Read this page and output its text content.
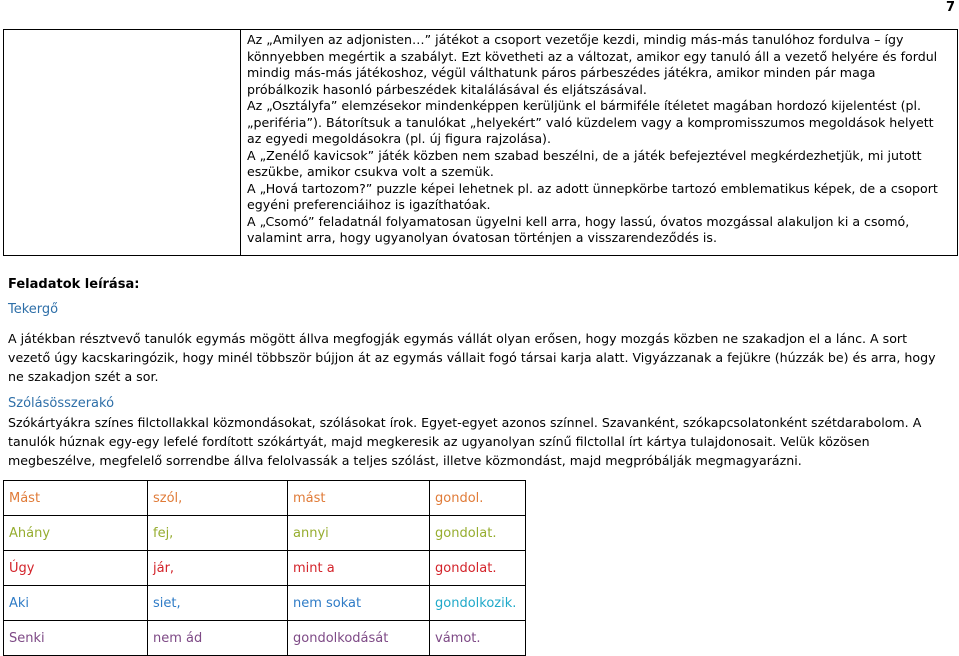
7

Az „Amilyen az adjonisten…” játékot a csoport vezetője kezdi, mindig más-más tanulóhoz fordulva – így könnyebben megértik a szabályt. Ezt követheti az a változat, amikor egy tanuló áll a vezető helyére és fordul mindig más-más játékoshoz, végül válthatunk páros párbeszédes játékra, amikor minden pár maga próbálkozik hasonló párbeszédek kitalálásával és eljátszásával.

Az „Osztályfa” elemzésekor mindenképpen kerüljünk el bármiféle ítéletet magában hordozó kijelentést (pl. „periféria”). Bátorítsuk a tanulókat „helyekért” való küzdelem vagy a kompromisszumos megoldások helyett az egyedi megoldásokra (pl. új figura rajzolása).

A „Zenélő kavicsok” játék közben nem szabad beszélni, de a játék befejeztével megkérdezhetjük, mi jutott eszükbe, amikor csukva volt a szemük.

A „Hová tartozom?” puzzle képei lehetnek pl. az adott ünnepkörbe tartozó emblematikus képek, de a csoport egyéni preferenciáihoz is igazíthatóak.

A „Csomó” feladatnál folyamatosan ügyelni kell arra, hogy lassú, óvatos mozgással alakuljon ki a csomó, valamint arra, hogy ugyanolyan óvatosan történjen a visszarendeződés is.

Feladatok leírása:
Tekergő

A játékban résztvevő tanulók egymás mögött állva megfogják egymás vállát olyan erősen, hogy mozgás közben ne szakadjon el a lánc. A sort vezető úgy kacskaringózik, hogy minél többször bújjon át az egymás vállait fogó társai karja alatt. Vigyázzanak a fejükre (húzzák be) és arra, hogy ne szakadjon szét a sor.

Szólásösszerakó

Szókártyákra színes filctollakkal közmondásokat, szólásokat írok. Egyet-egyet azonos színnel. Szavanként, szókapcsolatonként szétdarabolom. A tanulók húznak egy-egy lefelé fordított szókártyát, majd megkeresik az ugyanolyan színű filctollal írt kártya tulajdonosait. Velük közösen megbeszélve, megfelelő sorrendbe állva felolvassák a teljes szólást, illetve közmondást, majd megpróbálják megmagyarázni.

Mást	szól,	mást	gondol.
Ahány	fej,	annyi	gondolat.
Úgy	jár,	mint a	gondolat.
Aki	siet,	nem sokat	gondolkozik.
Senki	nem ád	gondolkodását	vámot.
